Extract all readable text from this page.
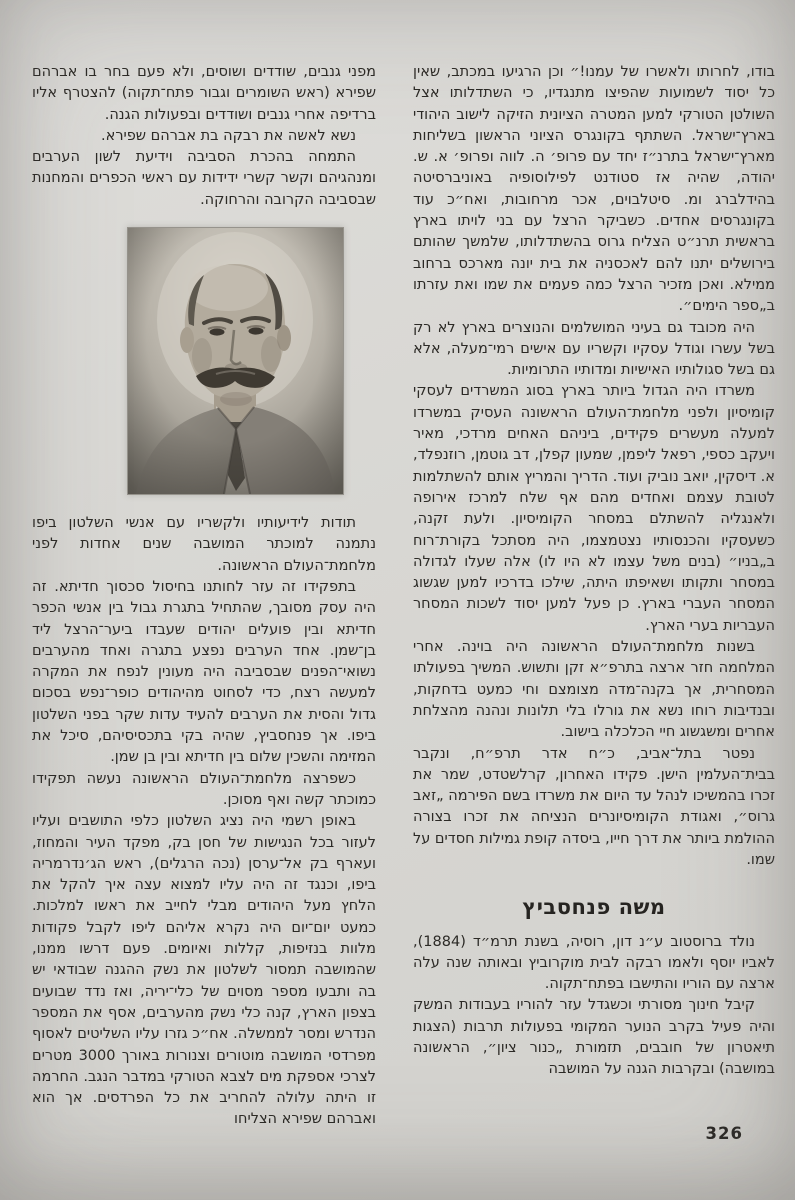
בודו, לחרותו ולאשרו של עמנו!״ וכן הרגיעו במכתב, שאין כל יסוד לשמועות שהפיצו מתנגדיו, כי השתדלותו אצל השולטן הטורקי למען המטרה הציונית הזיקה לישוב היהודי בארץ־ישראל. השתתף בקונגרס הציוני הראשון בשליחות מארץ־ישראל בתרנ״ז יחד עם פרופ׳ ה. לווה ופרופ׳ א. ש. יהודה, שהיה אז סטודנט לפילוסופיה באוניברסיטה בהידלברג ומ. סיטלבוים, אכר מרחובות, ואח״כ עוד בקונגרסים אחדים. כשביקר הרצל עם בני לויתו בארץ בראשית תרנ״ט הצליח גרוס בהשתדלותו, שלמשך שהותם בירושלים יתנו להם לאכסניה את בית יונה מארכס ברחוב ממילא. ואכן מזכיר הרצל כמה פעמים את שמו ואת עזרתו ב„ספר הימים״.

היה מכובד גם בעיני המושלמים והנוצרים בארץ לא רק בשל עשרו וגודל עסקיו וקשריו עם אישים רמי־מעלה, אלא גם בשל סגולותיו האישיות ומדותיו התרומיות.

משרדו היה הגדול ביותר בארץ בסוג המשרדים לעסקי קומיסיון ולפני מלחמת־העולם הראשונה העסיק במשרדו למעלה מעשרים פקידים, ביניהם האחים מרדכי, מאיר ויעקב כספי, רפאל ליפמן, שמעון קפלן, דב גוטמן, רוזנפלד, א. דיסקין, יואב נוביק ועוד. הדריך והמריץ אותם להשתלמות לטובת עצמם ואחדים מהם אף שלח למרכז אירופה ולאנגליה להשתלם במסחר הקומיסיון. ולעת זקנה, כשעסקיו והכנסותיו נצטמצמו, היה מסתכל בקורת־רוח ב„בניו״ (בנים משל עצמו לא היו לו) אלה שעלו לגדולה במסחר ותקותו ושאיפתו היתה, שילכו בדרכיו למען שגשוג המסחר העברי בארץ. כן פעל למען יסוד לשכות המסחר העבריות בערי הארץ.

בשנות מלחמת־העולם הראשונה היה בוינה. אחרי המלחמה חזר ארצה בתרפ״א זקן ותשוש. המשיך בפעולתו המסחרית, אך בקנה־מדה מצומצם וחי כמעט בדחקות, ובנדיבות רוחו נשא את גורלו בלי תלונות ונהנה מהצלחת אחרים ומשגשוג חיי הכלכלה בישוב.

נפטר בתל־אביב, כ״ח אדר תרפ״ח, ונקבר בבית־העלמין הישן. פקידו האחרון, קרלשטדט, שמר את זכרו בהמשיכו לנהל עד היום את משרדו בשם הפירמה „זאב גרוס״, ואגודת הקומיסיונרים הנציחה את זכרו בצורה ההולמת ביותר את דרך חייו, ביסדה קופת גמילות חסדים על שמו.

משה פנחסביץ

נולד ברוסטוב ע״נ דון, רוסיה, בשנת תרמ״ד (1884), לאביו יוסף ולאמו רבקה לבית מוקרוביץ ובאותה שנה עלה ארצה עם הוריו והתישבו בפתח־תקוה.

קיבל חינוך מסורתי וכשגדל עזר להוריו בעבודות המשק והיה פעיל בקרב הנוער המקומי בפעולות תרבות (הצגות תיאטרון של חובבים, תזמורת „כנור ציון״, הראשונה במושבה) ובקרבות הגנה על המושבה

מפני גנבים, שודדים ושוסים, ולא פעם בחר בו אברהם שפירא (ראש השומרים וגבור פתח־תקוה) להצטרף אליו ברדיפה אחרי גנבים ושודדים ובפעולות הגנה.

נשא לאשה את רבקה בת אברהם שפירא.

התמחה בהכרת הסביבה וידיעת לשון הערבים ומנהגיהם וקשר קשרי ידידות עם ראשי הכפרים והמחנות שבסביבה הקרובה והרחוקה.

תודות לידיעותיו ולקשריו עם אנשי השלטון ביפו נתמנה למוכתר המושבה שנים אחדות לפני מלחמת־העולם הראשונה.

בתפקידו זה עזר לחותנו בחיסול סכסוך חדיתא. זה היה עסק מסובך, שהתחיל בתגרת גבול בין אנשי הכפר חדיתא ובין פועלים יהודים שעבדו ביער־הרצל ליד בן־שמן. אחד הערבים נפצע בתגרה ואחד מהערבים נשואי־הפנים שבסביבה היה מעונין לנפח את המקרה למעשה רצח, כדי לסחוט מהיהודים כופר־נפש בסכום גדול והסית את הערבים להעיד עדות שקר בפני השלטון ביפו. אך פנחסביץ, שהיה בקי בתכסיסיהם, סיכל את המזימה והשכין שלום בין חדיתא ובין בן שמן.

כשפרצה מלחמת־העולם הראשונה נעשה תפקידו כמוכתר קשה ואף מסוכן.

באופן רשמי היה נציג השלטון כלפי התושבים ועליו לעזור בכל הנגישות של חסן בק, מפקד העיר והמחוז, ועארף בק אל־ערסן (נכה הרגלים), ראש הג׳נדרמריה ביפו, וכנגד זה היה עליו למצוא עצה איך להקל את הלחץ מעל היהודים מבלי לחייב את ראשו למלכות. כמעט יום־יום היה נקרא אליהם ליפו לקבל פקודות מלוות בנזיפות, קללות ואיומים. פעם דרשו ממנו, שהמושבה תמסור לשלטון את נשק ההגנה שבודאי יש בה ותבעו מספר מסוים של כלי־יריה, ואז נדד שבועים בצפון הארץ, קנה כלי נשק מהערבים, אסף את המספר הנדרש ומסר לממשלה. אח״כ גזרו עליו השליטים לאסוף מפרדסי המושבה מוטורים וצנורות באורך 3000 מטרים לצרכי אספקת מים לצבא הטורקי במדבר הנגב. החרמה זו היתה עלולה להחריב את כל הפרדסים. אך הוא ואברהם שפירא הצליחו

326
